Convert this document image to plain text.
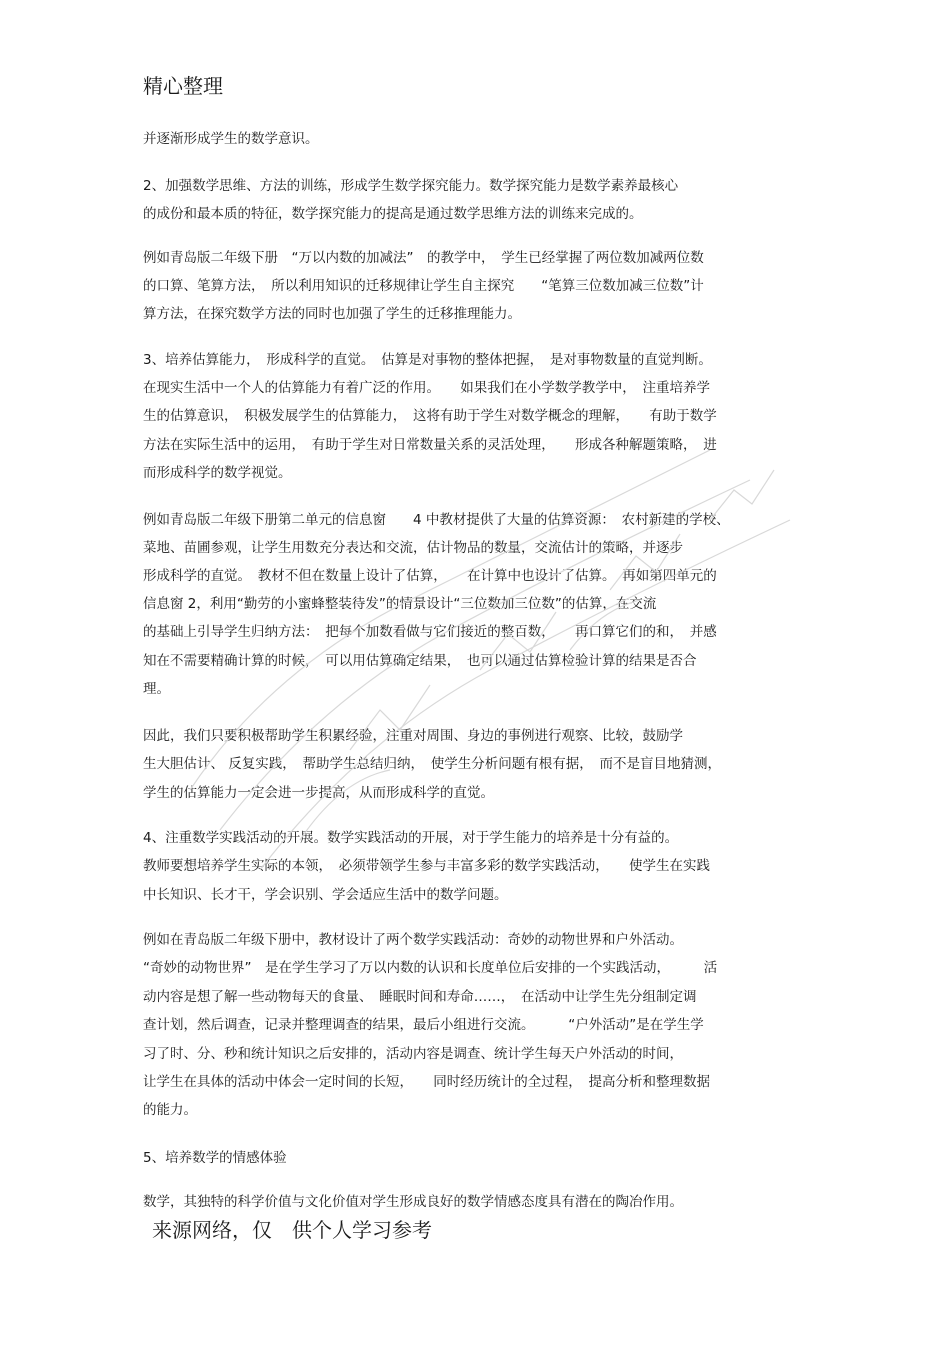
精心整理
并逐渐形成学生的数学意识。
2、加强数学思维、方法的训练，形成学生数学探究能力。数学探究能力是数学素养最核心
的成份和最本质的特征，数学探究能力的提高是通过数学思维方法的训练来完成的。
例如青岛版二年级下册　“万以内数的加减法”　的教学中，　学生已经掌握了两位数加减两位数
的口算、笔算方法，　所以利用知识的迁移规律让学生自主探究　　“笔算三位数加减三位数”计
算方法，在探究数学方法的同时也加强了学生的迁移推理能力。
3、培养估算能力，　形成科学的直觉。　估算是对事物的整体把握，　是对事物数量的直觉判断。
在现实生活中一个人的估算能力有着广泛的作用。　　如果我们在小学数学教学中，　注重培养学
生的估算意识，　积极发展学生的估算能力，　这将有助于学生对数学概念的理解，　　有助于数学
方法在实际生活中的运用，　有助于学生对日常数量关系的灵活处理，　　形成各种解题策略，　进
而形成科学的数学视觉。
例如青岛版二年级下册第二单元的信息窗　　4 中教材提供了大量的估算资源：　农村新建的学校、
菜地、苗圃参观，让学生用数充分表达和交流，估计物品的数量，交流估计的策略，并逐步
形成科学的直觉。　教材不但在数量上设计了估算，　　在计算中也设计了估算。　再如第四单元的
信息窗 2，利用“勤劳的小蜜蜂整装待发”的情景设计“三位数加三位数”的估算，在交流
的基础上引导学生归纳方法：　把每个加数看做与它们接近的整百数，　　再口算它们的和，　并感
知在不需要精确计算的时候，　可以用估算确定结果，　也可以通过估算检验计算的结果是否合
理。
因此，我们只要积极帮助学生积累经验，注重对周围、身边的事例进行观察、比较，鼓励学
生大胆估计、 反复实践，　帮助学生总结归纳，　使学生分析问题有根有据，　而不是盲目地猜测，
学生的估算能力一定会进一步提高，从而形成科学的直觉。
4、注重数学实践活动的开展。数学实践活动的开展，对于学生能力的培养是十分有益的。
教师要想培养学生实际的本领，　必须带领学生参与丰富多彩的数学实践活动，　　使学生在实践
中长知识、长才干，学会识别、学会适应生活中的数学问题。
例如在青岛版二年级下册中，教材设计了两个数学实践活动：奇妙的动物世界和户外活动。
“奇妙的动物世界”　是在学生学习了万以内数的认识和长度单位后安排的一个实践活动，　　　活
动内容是想了解一些动物每天的食量、　睡眠时间和寿命……，　在活动中让学生先分组制定调
查计划，然后调查，记录并整理调查的结果，最后小组进行交流。　　　“户外活动”是在学生学
习了时、分、秒和统计知识之后安排的，活动内容是调查、统计学生每天户外活动的时间，
让学生在具体的活动中体会一定时间的长短，　　同时经历统计的全过程，　提高分析和整理数据
的能力。
5、培养数学的情感体验
数学，其独特的科学价值与文化价值对学生形成良好的数学情感态度具有潜在的陶冶作用。
来源网络，仅　供个人学习参考
